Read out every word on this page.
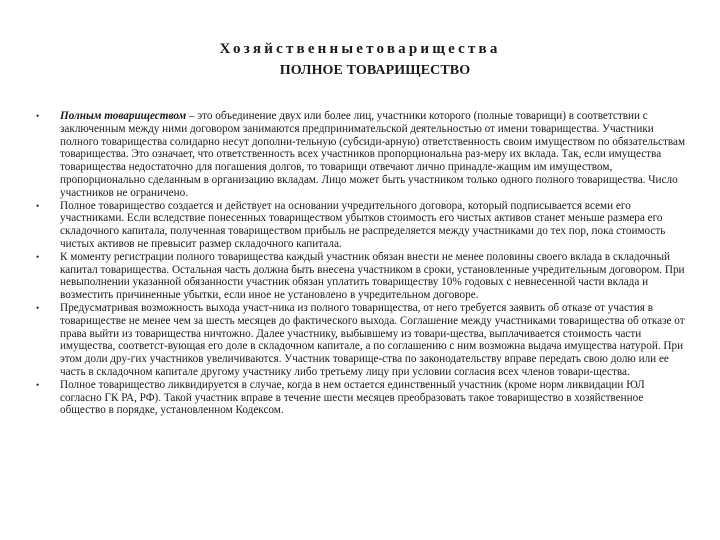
Хозяйственныетоварищества
ПОЛНОЕ ТОВАРИЩЕСТВО
•	Полным товариществом – это объединение двух или более лиц, участники которого (полные товарищи) в соответствии с заключенным между ними договором занимаются предпринимательской деятельностью от имени товарищества. Участники полного товарищества солидарно несут дополни-тельную (субсиди-арную) ответственность своим имуществом по обязательствам товарищества. Это означает, что ответственность всех участников пропорциональна раз-меру их вклада. Так, если имущества товарищества недостаточно для погашения долгов, то товарищи отвечают лично принадле-жащим им имуществом, пропорционально сделанным в организацию вкладам. Лицо может быть участником только одного полного товарищества. Число участников не ограничено.
•	Полное товарищество создается и действует на основании учредительного договора, который подписывается всеми его участниками. Если вследствие понесенных товариществом убытков стоимость его чистых активов станет меньше размера его складочного капитала, полученная товариществом прибыль не распределяется между участниками до тех пор, пока стоимость чистых активов не превысит размер складочного капитала.
•	К моменту регистрации полного товарищества каждый участник обязан внести не менее половины своего вклада в складочный капитал товарищества. Остальная часть должна быть внесена участником в сроки, установленные учредительным договором. При невыполнении указанной обязанности участник обязан уплатить товариществу 10% годовых с невнесенной части вклада и возместить причиненные убытки, если иное не установлено в учредительном договоре.
•	Предусматривая возможность выхода участ-ника из полного товарищества, от него требуется заявить об отказе от участия в товариществе не менее чем за шесть месяцев до фактического выхода. Соглашение между участниками товарищества об отказе от права выйти из товарищества ничтожно. Далее участнику, выбывшему из товари-щества, выплачивается стоимость части имущества, соответст-вующая его доле в складочном капитале, а по соглашению с ним возможна выдача имущества натурой. При этом доли дру-гих участников увеличиваются. Участник товарище-ства по законодательству вправе передать свою долю или ее часть в складочном капитале другому участнику либо третьему лицу при условии согласия всех членов товари-щества.
•	Полное товарищество ликвидируется в случае, когда в нем остается единственный участник (кроме норм ликвидации ЮЛ согласно ГК РА, РФ). Такой участник вправе в течение шести месяцев преобразовать такое товарищество в хозяйственное общество в порядке, установленном Кодексом.
